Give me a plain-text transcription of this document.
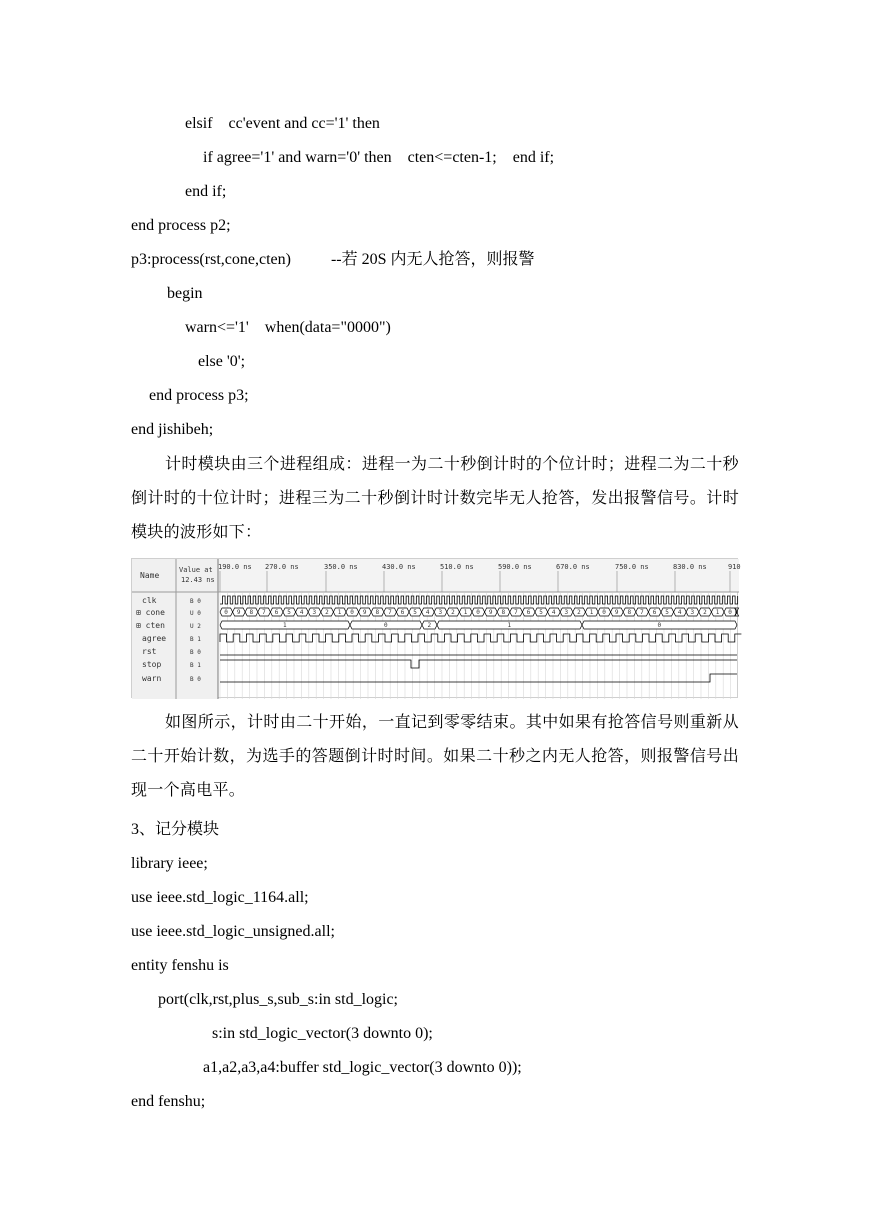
elsif    cc'event and cc='1' then
if agree='1' and warn='0' then    cten<=cten-1;    end if;
end if;
end process p2;
p3:process(rst,cone,cten)          --若 20S 内无人抢答，则报警
begin
warn<='1'    when(data="0000")
else '0';
end process p3;
end jishibeh;
计时模块由三个进程组成：进程一为二十秒倒计时的个位计时；进程二为二十秒倒计时的十位计时；进程三为二十秒倒计时计数完毕无人抢答，发出报警信号。计时模块的波形如下：
Name
Value at
12.43 ns
190.0 ns 270.0 ns	350.0 ns	430.0 ns	510.0 ns	590.0 ns	670.0 ns	750.0 ns	830.0 ns	910
clk	B 0
⊞ cone	U 0
⊞ cten	U 2
agree	B 1
rst	B 0
stop	B 1
warn	B 0
0 9 8 7 6 5 4 3 2 1 0 9 8 7 6 5 4 3 2 1 0 9 8 7 6 5 4 3 2 1 0 9 8 7 6 5 4 3 2 1 0 0
1	0	2	1	0
如图所示，计时由二十开始，一直记到零零结束。其中如果有抢答信号则重新从二十开始计数，为选手的答题倒计时时间。如果二十秒之内无人抢答，则报警信号出现一个高电平。
3、记分模块
library ieee;
use ieee.std_logic_1164.all;
use ieee.std_logic_unsigned.all;
entity fenshu is
port(clk,rst,plus_s,sub_s:in std_logic;
s:in std_logic_vector(3 downto 0);
a1,a2,a3,a4:buffer std_logic_vector(3 downto 0));
end fenshu;
